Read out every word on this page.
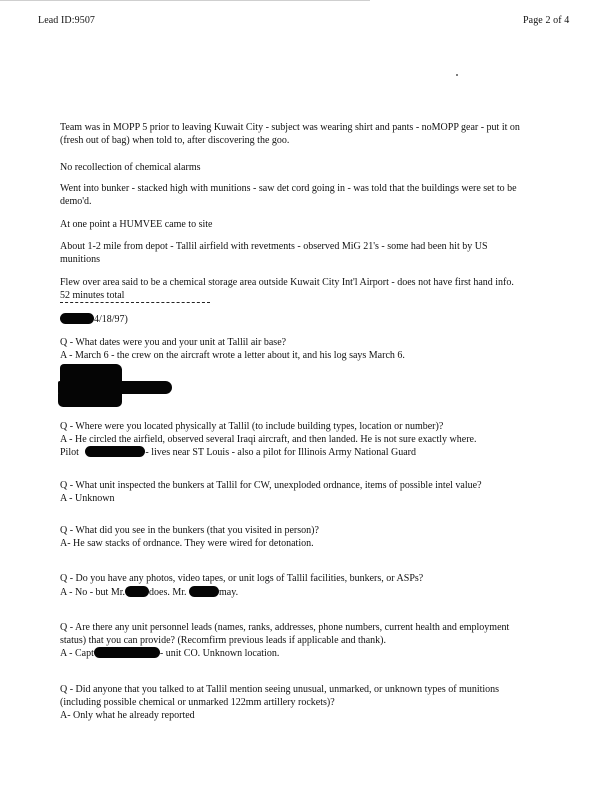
Lead ID:9507	Page 2 of 4
Team was in MOPP 5 prior to leaving Kuwait City - subject was wearing shirt and pants - noMOPP gear - put it on
(fresh out of bag) when told to, after discovering the goo.
No recollection of chemical alarms
Went into bunker - stacked high with munitions - saw det cord going in - was told that the buildings were set to be
demo'd.
At one point a HUMVEE came to site
About 1-2 mile from depot - Tallil airfield with revetments - observed MiG 21's - some had been hit by US
munitions
Flew over area said to be a chemical storage area outside Kuwait City Int'l Airport - does not have first hand info.
52 minutes total
4/18/97)
Q - What dates were you and your unit at Tallil air base?
A - March 6 - the crew on the aircraft wrote a letter about it, and his log says March 6.
Q - Where were you located physically at Tallil (to include building types, location or number)?
A - He circled the airfield, observed several Iraqi aircraft, and then landed. He is not sure exactly where.
Pilot	- lives near ST Louis - also a pilot for Illinois Army National Guard
Q - What unit inspected the bunkers at Tallil for CW, unexploded ordnance, items of possible intel value?
A - Unknown
Q - What did you see in the bunkers (that you visited in person)?
A- He saw stacks of ordnance. They were wired for detonation.
Q - Do you have any photos, video tapes, or unit logs of Tallil facilities, bunkers, or ASPs?
A - No - but Mr. does. Mr.	may.
Q - Are there any unit personnel leads (names, ranks, addresses, phone numbers, current health and employment
status) that you can provide? (Recomfirm previous leads if applicable and thank).
A - Capt	- unit CO. Unknown location.
Q - Did anyone that you talked to at Tallil mention seeing unusual, unmarked, or unknown types of munitions
(including possible chemical or unmarked 122mm artillery rockets)?
A- Only what he already reported
